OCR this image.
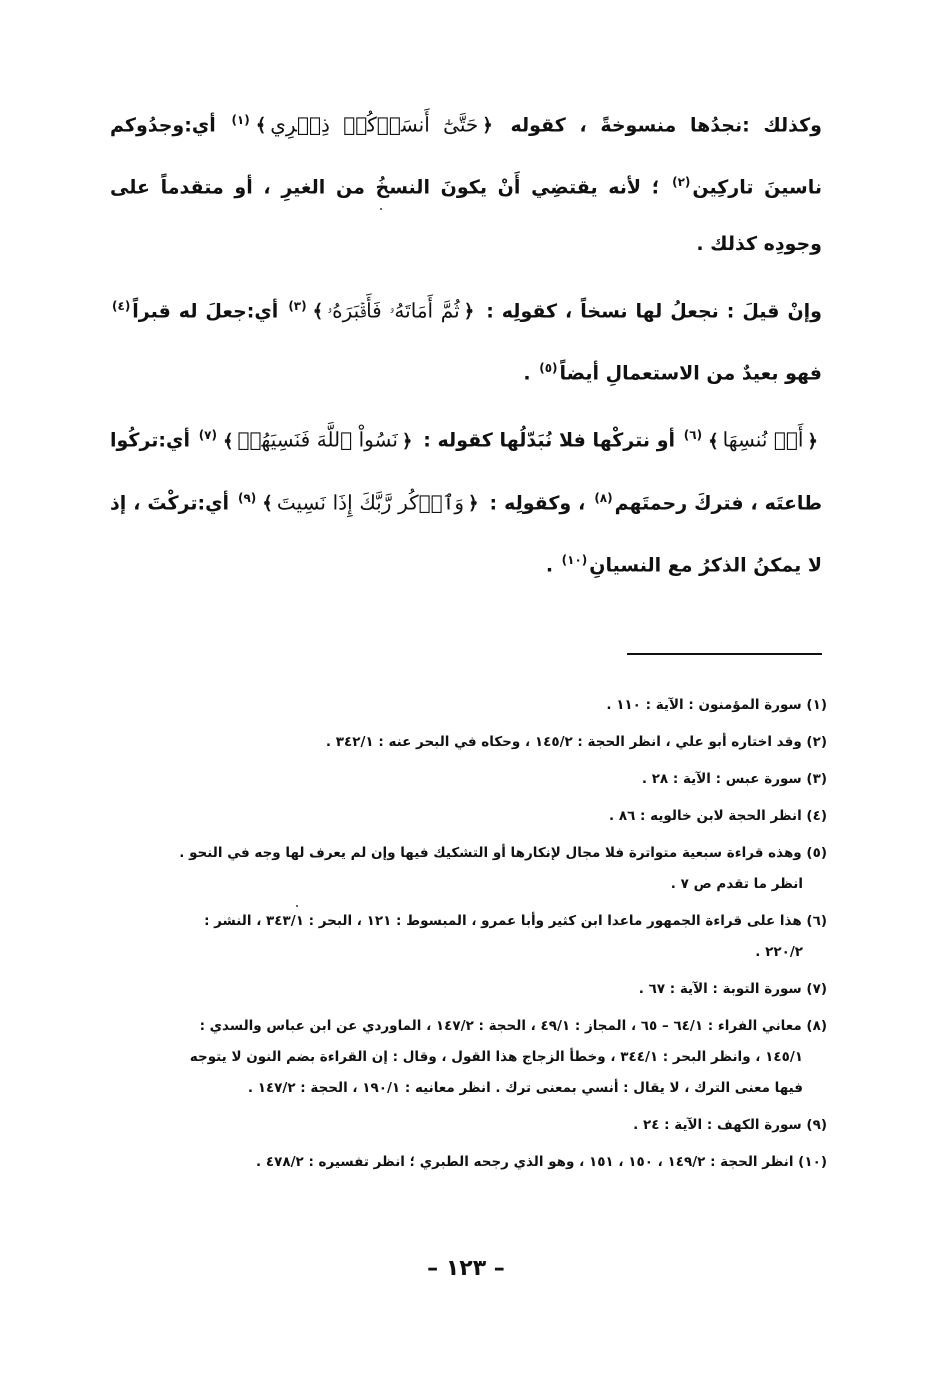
وكذلك :نجدُها منسوخةً ، كقوله ﴿حَتَّىٰٓ أَنسَوۡكُمۡ ذِكۡرِي﴾$^{(١)}$ أي:وجدُوكم ناسينَ تاركِين$^{(٢)}$ ؛ لأنه يقتضِي أَنْ يكونَ النسخُ من الغيرِ ، أو متقدماً على وجودِه كذلك .

وإنْ قيلَ : نجعلُ لها نسخاً ، كقولِه : ﴿ثُمَّ أَمَاتَهُۥ فَأَقۡبَرَهُۥ﴾$^{(٣)}$ أي:جعلَ له قبراً$^{(٤)}$ فهو بعيدٌ من الاستعمالِ أيضاً$^{(٥)}$ .

﴿أَوۡ نُنسِهَا﴾$^{(٦)}$ أو نتركْها فلا نُبَدّلُها كقوله : ﴿نَسُواْ ٱللَّهَ فَنَسِيَهُمۡ﴾$^{(٧)}$ أي:تركُوا طاعتَه ، فتركَ رحمتَهم$^{(٨)}$ ، وكقولِه : ﴿وَٱذۡكُر رَّبَّكَ إِذَا نَسِيتَ﴾$^{(٩)}$ أي:تركْتَ ، إذ لا يمكنُ الذكرُ مع النسيانِ$^{(١٠)}$ .

(١) سورة المؤمنون : الآية : ١١٠ .

(٢) وقد اختاره أبو علي ، انظر الحجة : ١٤٥/٢ ، وحكاه في البحر عنه : ٣٤٢/١ .

(٣) سورة عبس : الآية : ٢٨ .

(٤) انظر الحجة لابن خالويه : ٨٦ .

(٥) وهذه قراءة سبعية متواترة فلا مجال لإنكارها أو التشكيك فيها وإن لم يعرف لها وجه في النحو .
انظر ما تقدم ص ٧ .

(٦) هذا على قراءة الجمهور ماعدا ابن كثير وأبا عمرو ، المبسوط : ١٢١ ، البحر : ٣٤٣/١ ، النشر :
٢٢٠/٢ .

(٧) سورة التوبة : الآية : ٦٧ .

(٨) معاني الفراء : ٦٤/١ – ٦٥ ، المجاز : ٤٩/١ ، الحجة : ١٤٧/٢ ، الماوردي عن ابن عباس والسدي :
١٤٥/١ ، وانظر البحر : ٣٤٤/١ ، وخطأ الزجاج هذا القول ، وقال : إن القراءة بضم النون لا يتوجه
فيها معنى الترك ، لا يقال : أنسي بمعنى ترك . انظر معانيه : ١٩٠/١ ، الحجة : ١٤٧/٢ .

(٩) سورة الكهف : الآية : ٢٤ .

(١٠) انظر الحجة : ١٤٩/٢ ، ١٥٠ ، ١٥١ ، وهو الذي رجحه الطبري ؛ انظر تفسيره : ٤٧٨/٢ .

– ١٢٣ –
